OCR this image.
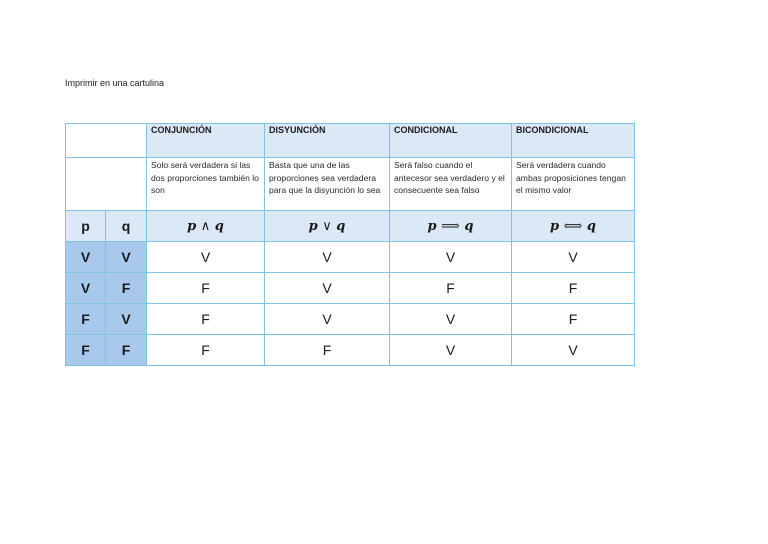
Imprimir en una cartulina
		CONJUNCIÓN	DISYUNCIÓN	CONDICIONAL	BICONDICIONAL
		Solo será verdadera si las dos proporciones también lo son	Basta que una de las proporciones sea verdadera para que la disyunción lo sea	Será falso cuando el antecesor sea verdadero y el consecuente sea falso	Será verdadera cuando ambas proposiciones tengan el mismo valor
p	q	p ∧ q	p ∨ q	p ⟹ q	p ⟺ q
V	V	V	V	V	V
V	F	F	V	F	F
F	V	F	V	V	F
F	F	F	F	V	V
